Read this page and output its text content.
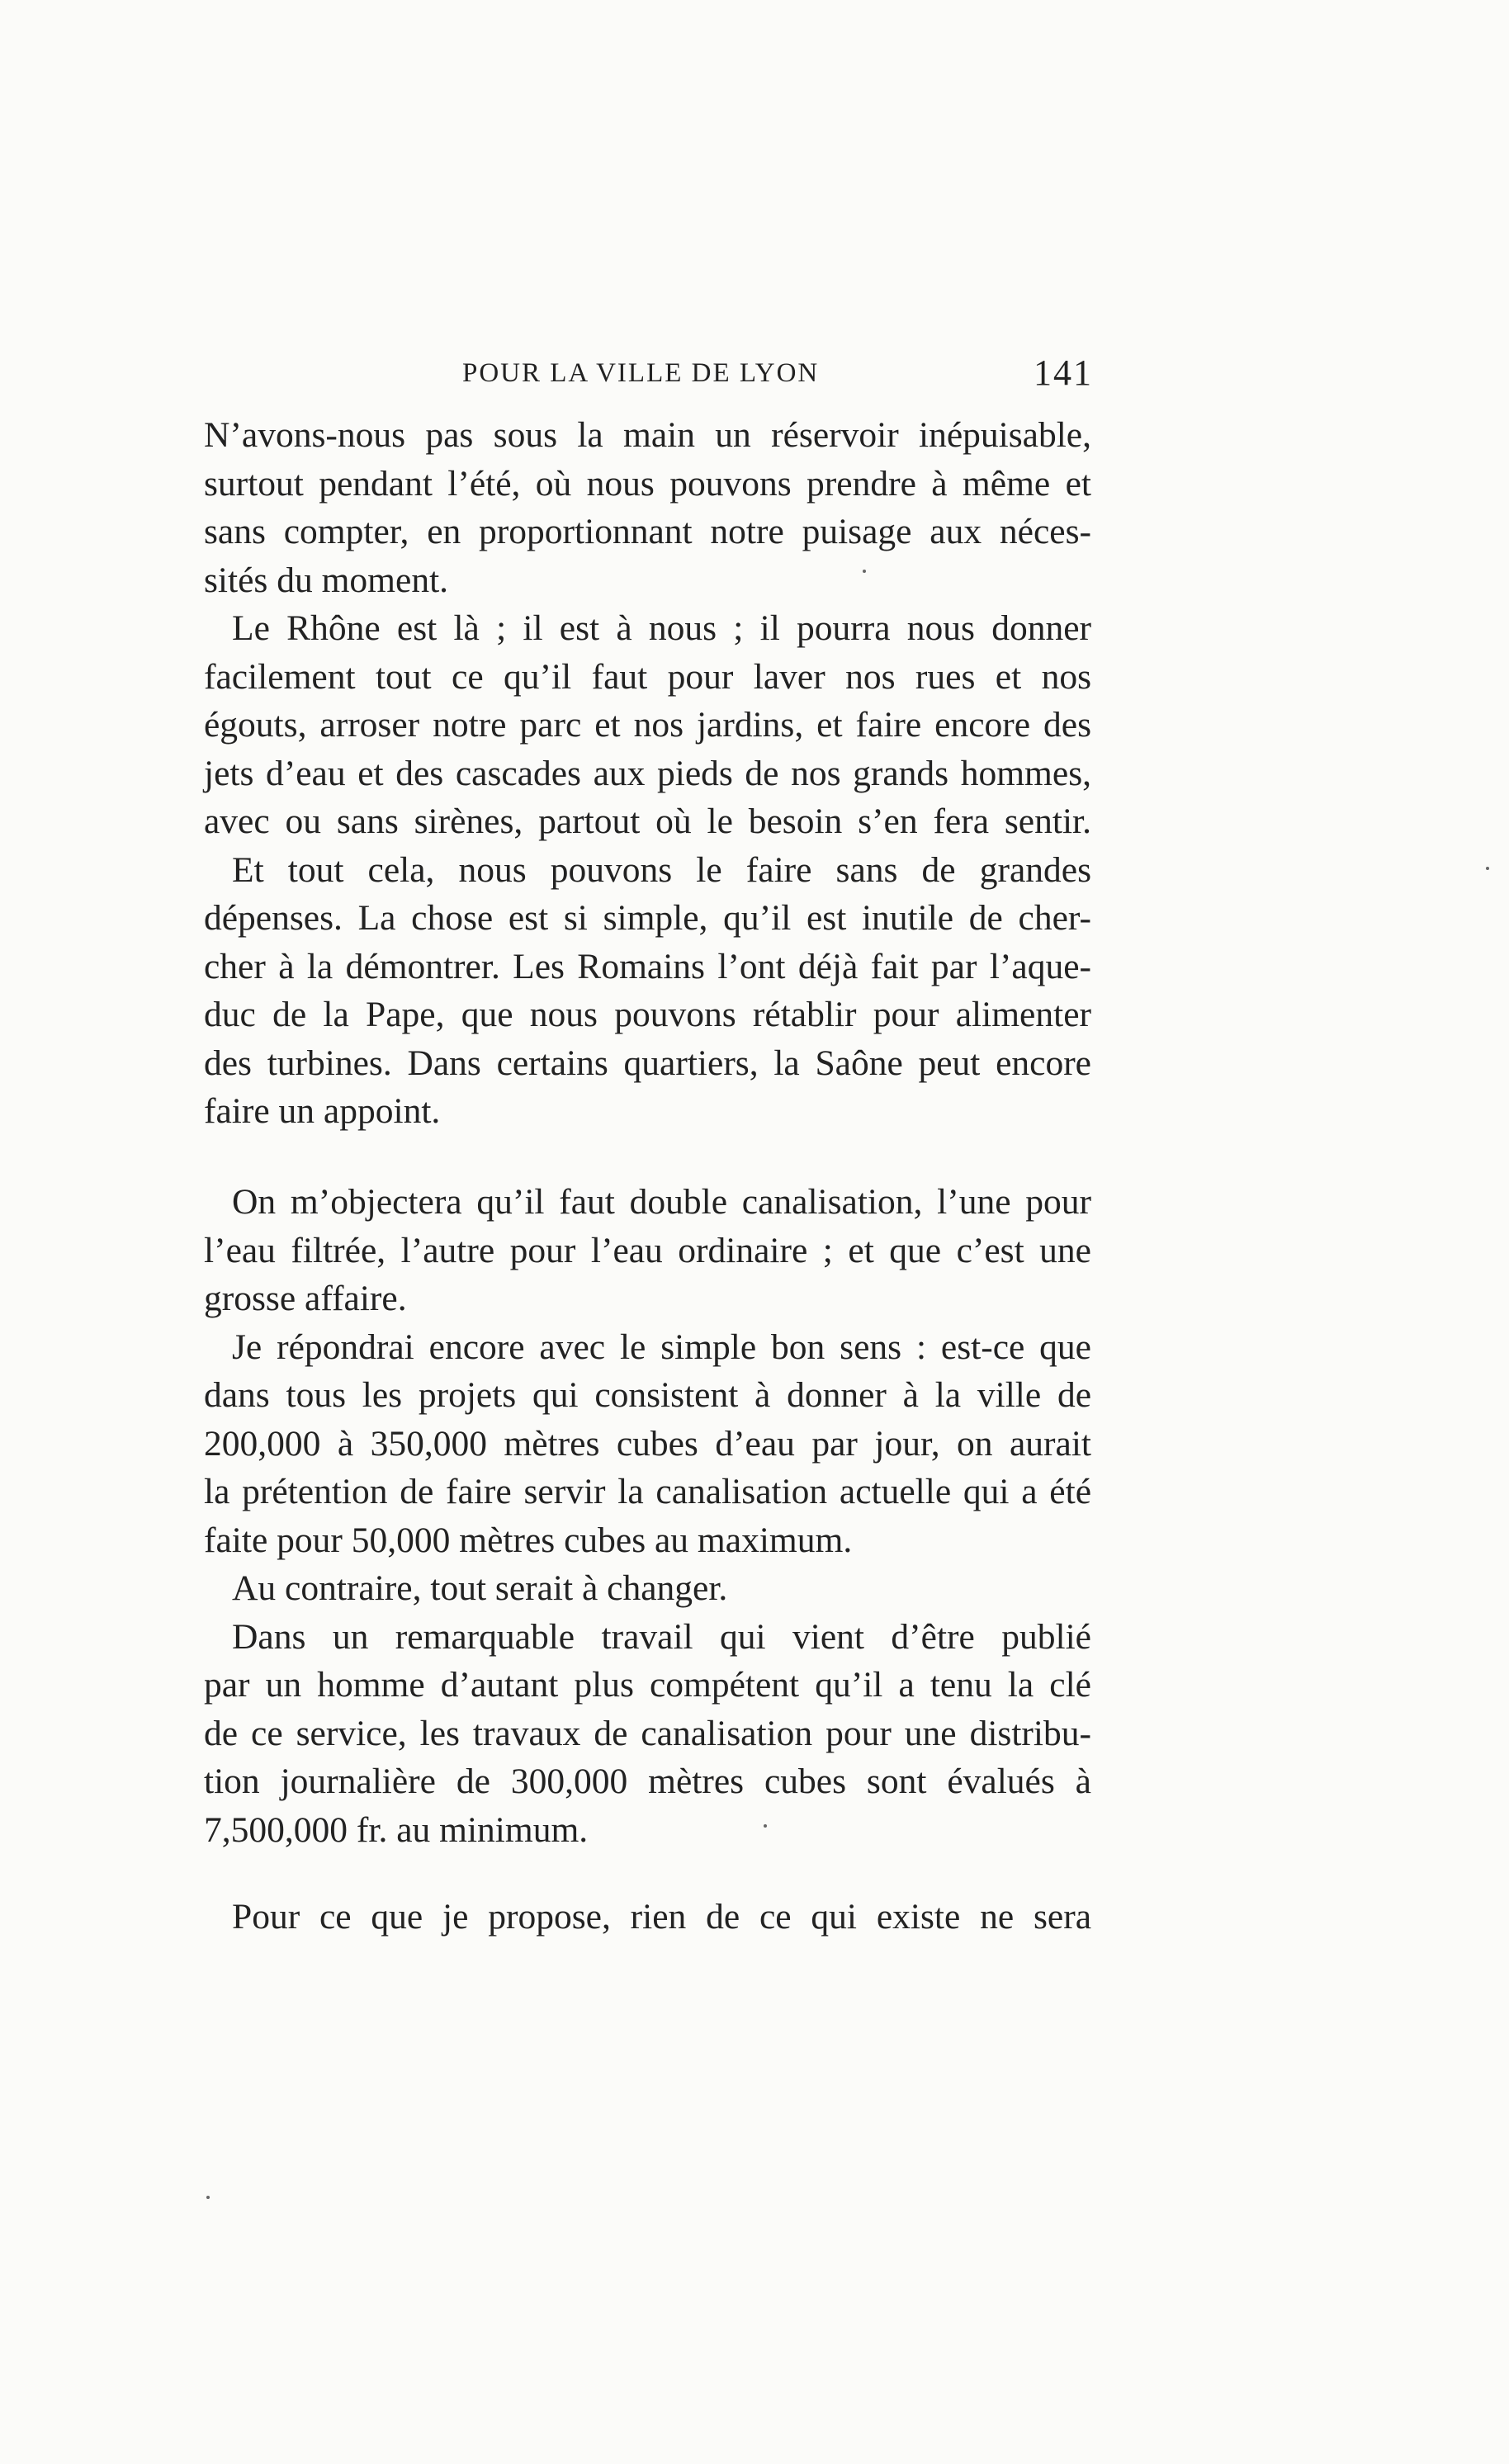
POUR LA VILLE DE LYON	141
N’avons-nous pas sous la main un réservoir inépuisable,
surtout pendant l’été, où nous pouvons prendre à même et
sans compter, en proportionnant notre puisage aux néces-
sités du moment.
Le Rhône est là ; il est à nous ; il pourra nous donner
facilement tout ce qu’il faut pour laver nos rues et nos
égouts, arroser notre parc et nos jardins, et faire encore des
jets d’eau et des cascades aux pieds de nos grands hommes,
avec ou sans sirènes, partout où le besoin s’en fera sentir.
Et tout cela, nous pouvons le faire sans de grandes
dépenses. La chose est si simple, qu’il est inutile de cher-
cher à la démontrer. Les Romains l’ont déjà fait par l’aque-
duc de la Pape, que nous pouvons rétablir pour alimenter
des turbines. Dans certains quartiers, la Saône peut encore
faire un appoint.
On m’objectera qu’il faut double canalisation, l’une pour
l’eau filtrée, l’autre pour l’eau ordinaire ; et que c’est une
grosse affaire.
Je répondrai encore avec le simple bon sens : est-ce que
dans tous les projets qui consistent à donner à la ville de
200,000 à 350,000 mètres cubes d’eau par jour, on aurait
la prétention de faire servir la canalisation actuelle qui a été
faite pour 50,000 mètres cubes au maximum.
Au contraire, tout serait à changer.
Dans un remarquable travail qui vient d’être publié
par un homme d’autant plus compétent qu’il a tenu la clé
de ce service, les travaux de canalisation pour une distribu-
tion journalière de 300,000 mètres cubes sont évalués à
7,500,000 fr. au minimum.
Pour ce que je propose, rien de ce qui existe ne sera
